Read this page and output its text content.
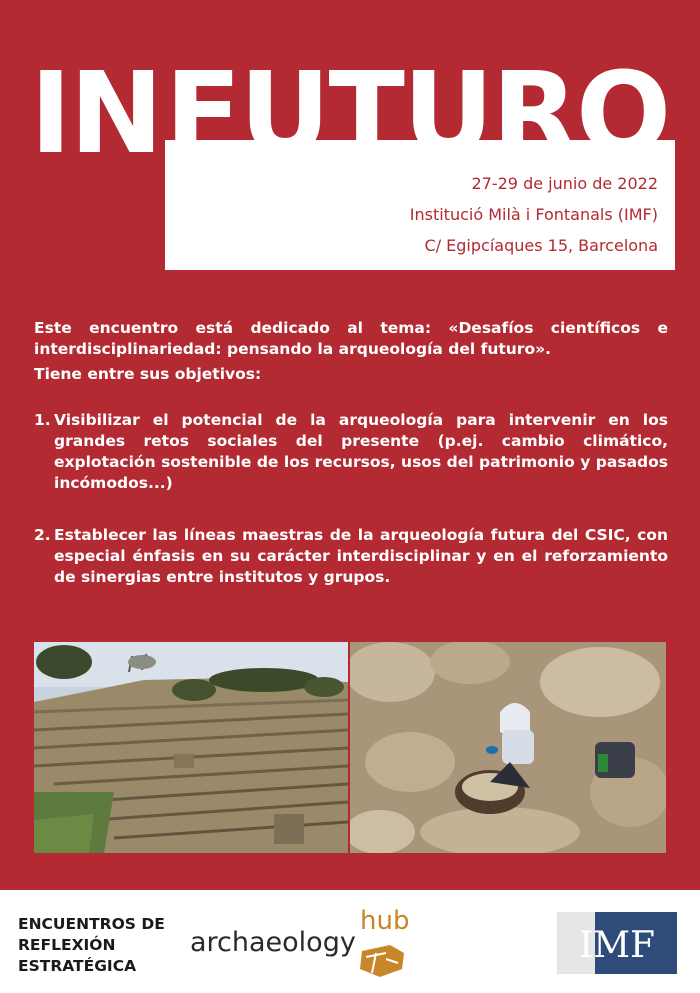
IN FUTURO
27-29 de junio de 2022
Institució Milà i Fontanals (IMF)
C/ Egipcíaques 15, Barcelona

Este encuentro está dedicado al tema: «Desafíos científicos e interdisciplinariedad: pensando la arqueología del futuro».

Tiene entre sus objetivos:

1. Visibilizar el potencial de la arqueología para intervenir en los grandes retos sociales del presente (p.ej. cambio climático, explotación sostenible de los recursos, usos del patrimonio y pasados incómodos...)
2. Establecer las líneas maestras de la arqueología futura del CSIC, con especial énfasis en su carácter interdisciplinar y en el reforzamiento de sinergias entre institutos y grupos.
ENCUENTROS DE
REFLEXIÓN
ESTRATÉGICA
hub
archaeology	IMF
